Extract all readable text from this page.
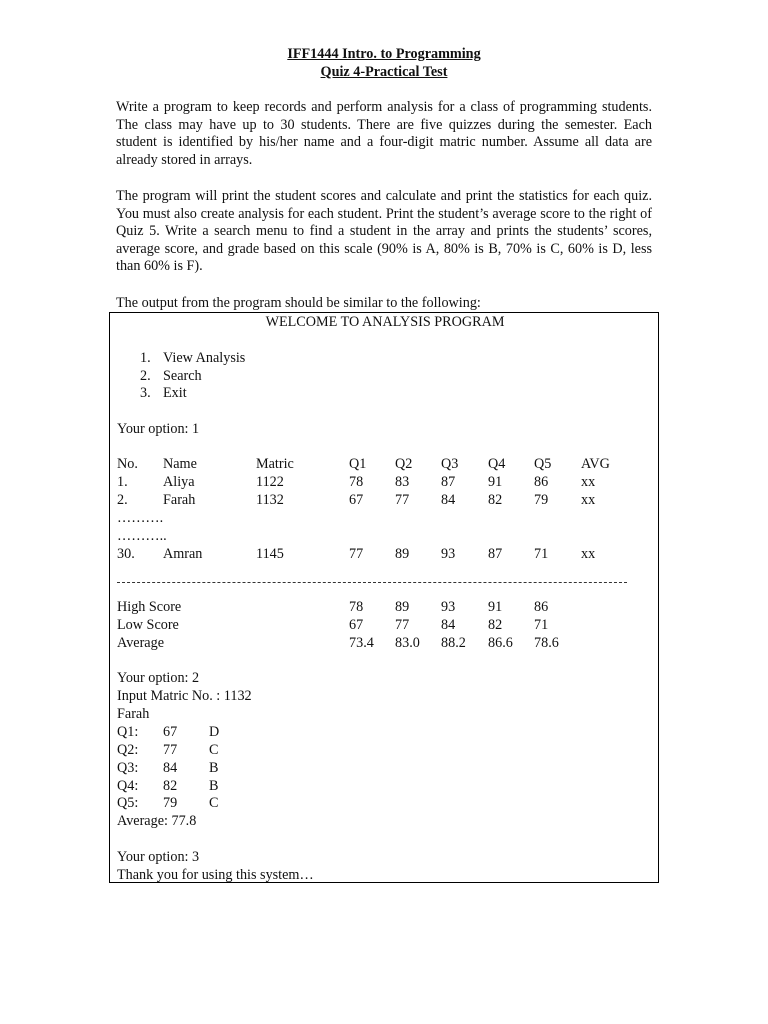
IFF1444 Intro. to Programming
Quiz 4-Practical Test

Write a program to keep records and perform analysis for a class of programming students. The class may have up to 30 students. There are five quizzes during the semester. Each student is identified by his/her name and a four-digit matric number. Assume all data are already stored in arrays.

The program will print the student scores and calculate and print the statistics for each quiz. You must also create analysis for each student. Print the student’s average score to the right of Quiz 5. Write a search menu to find a student in the array and prints the students’ scores, average score, and grade based on this scale (90% is A, 80% is B, 70% is C, 60% is D, less than 60% is F).

The output from the program should be similar to the following:
WELCOME TO ANALYSIS PROGRAM
1. View Analysis
2. Search
3. Exit
Your option: 1
No. Name	Matric	Q1 Q2 Q3 Q4 Q5 AVG
1. Aliya	1122	78 83 87 91 86 xx
2. Farah	1132	67 77 84 82 79 xx
……….
………..
30. Amran	1145	77 89 93 87 71 xx
High Score	78 89 93 91 86
Low Score	67 77 84 82 71
Average	73.4 83.0 88.2 86.6 78.6
Your option: 2
Input Matric No. : 1132
Farah
Q1: 67 D
Q2: 77 C
Q3: 84 B
Q4: 82 B
Q5: 79 C
Average: 77.8
Your option: 3
Thank you for using this system…
